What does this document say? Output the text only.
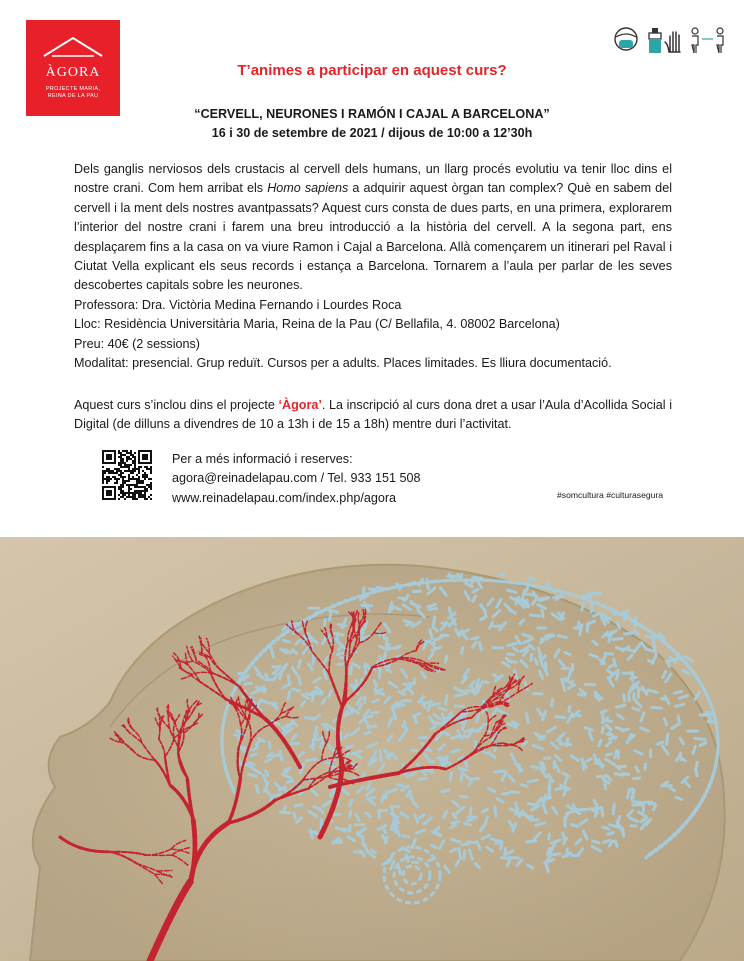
ÀGORA
PROJECTE MARIA,
REINA DE LA PAU
T’animes a participar en aquest curs?
“CERVELL, NEURONES I RAMÓN I CAJAL A BARCELONA”
16 i 30 de setembre de 2021 / dijous de 10:00 a 12’30h

Dels ganglis nerviosos dels crustacis al cervell dels humans, un llarg procés evolutiu va tenir lloc dins el nostre crani. Com hem arribat els Homo sapiens a adquirir aquest òrgan tan complex? Què en sabem del cervell i la ment dels nostres avantpassats? Aquest curs consta de dues parts, en una primera, explorarem l’interior del nostre crani i farem una breu introducció a la història del cervell. A la segona part, ens desplaçarem fins a la casa on va viure Ramon i Cajal a Barcelona. Allà començarem un itinerari pel Raval i Ciutat Vella explicant els seus records i estança a Barcelona. Tornarem a l’aula per parlar de les seves descobertes capitals sobre les neurones.

Professora: Dra. Victòria Medina Fernando i Lourdes Roca
Lloc: Residència Universitària Maria, Reina de la Pau (C/ Bellafila, 4. 08002 Barcelona)
Preu: 40€ (2 sessions)
Modalitat: presencial. Grup reduït. Cursos per a adults. Places limitades. Es lliura documentació.

Aquest curs s’inclou dins el projecte ‘Àgora’. La inscripció al curs dona dret a usar l’Aula d’Acollida Social i Digital (de dilluns a divendres de 10 a 13h i de 15 a 18h) mentre duri l’activitat.

Per a més informació i reserves:
agora@reinadelapau.com / Tel. 933 151 508
www.reinadelapau.com/index.php/agora	#somcultura #culturasegura
